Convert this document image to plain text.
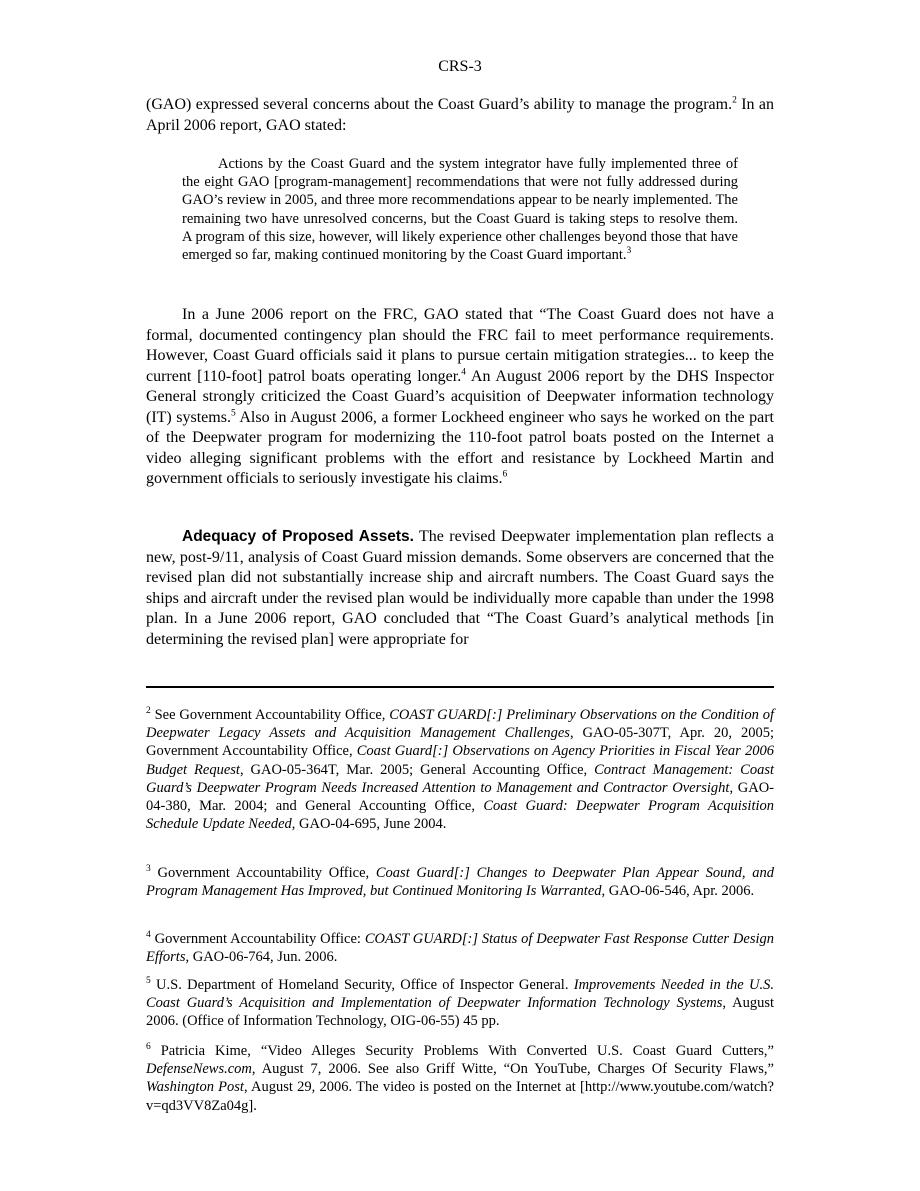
CRS-3

(GAO) expressed several concerns about the Coast Guard’s ability to manage the program.$^2$ In an April 2006 report, GAO stated:

Actions by the Coast Guard and the system integrator have fully implemented three of the eight GAO [program-management] recommendations that were not fully addressed during GAO’s review in 2005, and three more recommendations appear to be nearly implemented. The remaining two have unresolved concerns, but the Coast Guard is taking steps to resolve them. A program of this size, however, will likely experience other challenges beyond those that have emerged so far, making continued monitoring by the Coast Guard important.$^3$

In a June 2006 report on the FRC, GAO stated that “The Coast Guard does not have a formal, documented contingency plan should the FRC fail to meet performance requirements. However, Coast Guard officials said it plans to pursue certain mitigation strategies... to keep the current [110-foot] patrol boats operating longer.$^4$ An August 2006 report by the DHS Inspector General strongly criticized the Coast Guard’s acquisition of Deepwater information technology (IT) systems.$^5$ Also in August 2006, a former Lockheed engineer who says he worked on the part of the Deepwater program for modernizing the 110-foot patrol boats posted on the Internet a video alleging significant problems with the effort and resistance by Lockheed Martin and government officials to seriously investigate his claims.$^6$

Adequacy of Proposed Assets. The revised Deepwater implementation plan reflects a new, post-9/11, analysis of Coast Guard mission demands. Some observers are concerned that the revised plan did not substantially increase ship and aircraft numbers. The Coast Guard says the ships and aircraft under the revised plan would be individually more capable than under the 1998 plan. In a June 2006 report, GAO concluded that “The Coast Guard’s analytical methods [in determining the revised plan] were appropriate for

$^2$ See Government Accountability Office, COAST GUARD[:] Preliminary Observations on the Condition of Deepwater Legacy Assets and Acquisition Management Challenges, GAO-05-307T, Apr. 20, 2005; Government Accountability Office, Coast Guard[:] Observations on Agency Priorities in Fiscal Year 2006 Budget Request, GAO-05-364T, Mar. 2005; General Accounting Office, Contract Management: Coast Guard’s Deepwater Program Needs Increased Attention to Management and Contractor Oversight, GAO-04-380, Mar. 2004; and General Accounting Office, Coast Guard: Deepwater Program Acquisition Schedule Update Needed, GAO-04-695, June 2004.

$^3$ Government Accountability Office, Coast Guard[:] Changes to Deepwater Plan Appear Sound, and Program Management Has Improved, but Continued Monitoring Is Warranted, GAO-06-546, Apr. 2006.

$^4$ Government Accountability Office: COAST GUARD[:] Status of Deepwater Fast Response Cutter Design Efforts, GAO-06-764, Jun. 2006.

$^5$ U.S. Department of Homeland Security, Office of Inspector General. Improvements Needed in the U.S. Coast Guard’s Acquisition and Implementation of Deepwater Information Technology Systems, August 2006. (Office of Information Technology, OIG-06-55) 45 pp.

$^6$ Patricia Kime, “Video Alleges Security Problems With Converted U.S. Coast Guard Cutters,” DefenseNews.com, August 7, 2006. See also Griff Witte, “On YouTube, Charges Of Security Flaws,” Washington Post, August 29, 2006. The video is posted on the Internet at [http://www.youtube.com/watch?v=qd3VV8Za04g].
